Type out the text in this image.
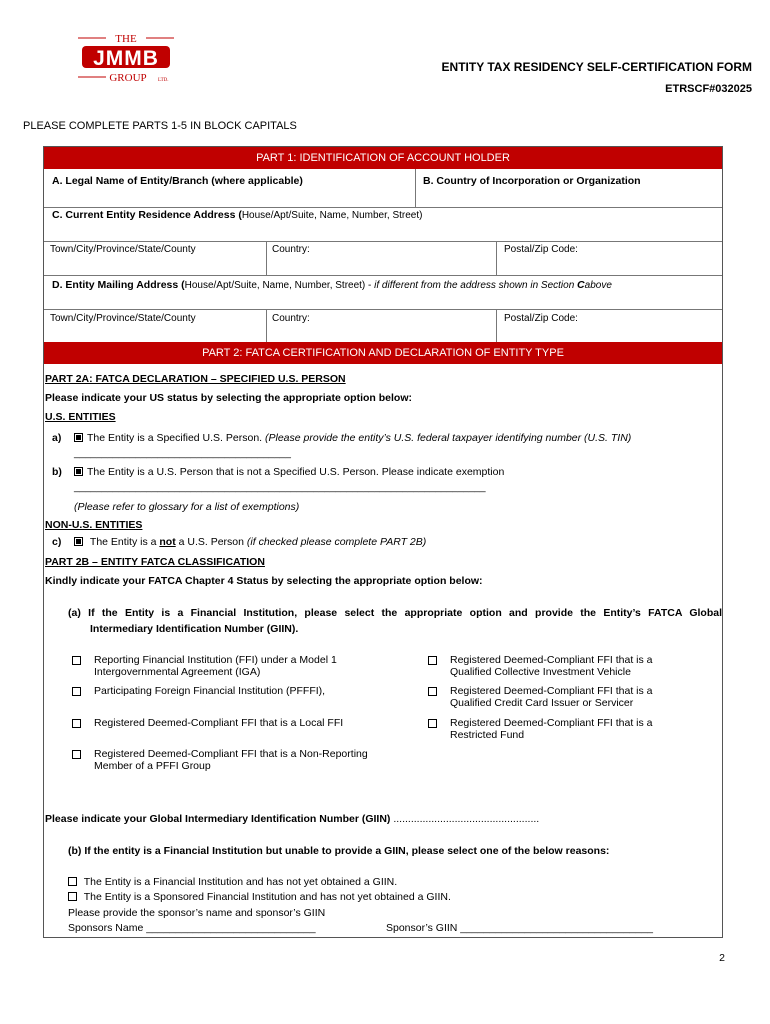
THE
JMMB
GROUP LTD.
ENTITY TAX RESIDENCY SELF-CERTIFICATION FORM
ETRSCF#032025
PLEASE COMPLETE PARTS 1-5 IN BLOCK CAPITALS
PART 1: IDENTIFICATION OF ACCOUNT HOLDER
A. Legal Name of Entity/Branch (where applicable)	B. Country of Incorporation or Organization
C. Current Entity Residence Address (House/Apt/Suite, Name, Number, Street)
Town/City/Province/State/County	Country:	Postal/Zip Code:
D. Entity Mailing Address (House/Apt/Suite, Name, Number, Street) - if different from the address shown in Section Cabove
Town/City/Province/State/County	Country:	Postal/Zip Code:
PART 2: FATCA CERTIFICATION AND DECLARATION OF ENTITY TYPE
PART 2A: FATCA DECLARATION – SPECIFIED U.S. PERSON
Please indicate your US status by selecting the appropriate option below:
U.S. ENTITIES
a)	The Entity is a Specified U.S. Person. (Please provide the entity’s U.S. federal taxpayer identifying number (U.S. TIN)
_______________________________________
b)	The Entity is a U.S. Person that is not a Specified U.S. Person. Please indicate exemption
__________________________________________________________________________
(Please refer to glossary for a list of exemptions)
NON-U.S. ENTITIES
c)	The Entity is a not a U.S. Person (if checked please complete PART 2B)
PART 2B – ENTITY FATCA CLASSIFICATION
Kindly indicate your FATCA Chapter 4 Status by selecting the appropriate option below:
(a) If the Entity is a Financial Institution, please select the appropriate option and provide the Entity’s FATCA Global
Intermediary Identification Number (GIIN).
Reporting Financial Institution (FFI) under a Model 1
Intergovernmental Agreement (IGA)
Participating Foreign Financial Institution (PFFFI),
Registered Deemed-Compliant FFI that is a Local FFI
Registered Deemed-Compliant FFI that is a Non-Reporting
Member of a PFFI Group
Registered Deemed-Compliant FFI that is a
Qualified Collective Investment Vehicle
Registered Deemed-Compliant FFI that is a
Qualified Credit Card Issuer or Servicer
Registered Deemed-Compliant FFI that is a
Restricted Fund
Please indicate your Global Intermediary Identification Number (GIIN) ..................................................
(b) If the entity is a Financial Institution but unable to provide a GIIN, please select one of the below reasons:
The Entity is a Financial Institution and has not yet obtained a GIIN.
The Entity is a Sponsored Financial Institution and has not yet obtained a GIIN.
Please provide the sponsor’s name and sponsor’s GIIN
Sponsors Name _____________________________	Sponsor’s GIIN _________________________________
2
